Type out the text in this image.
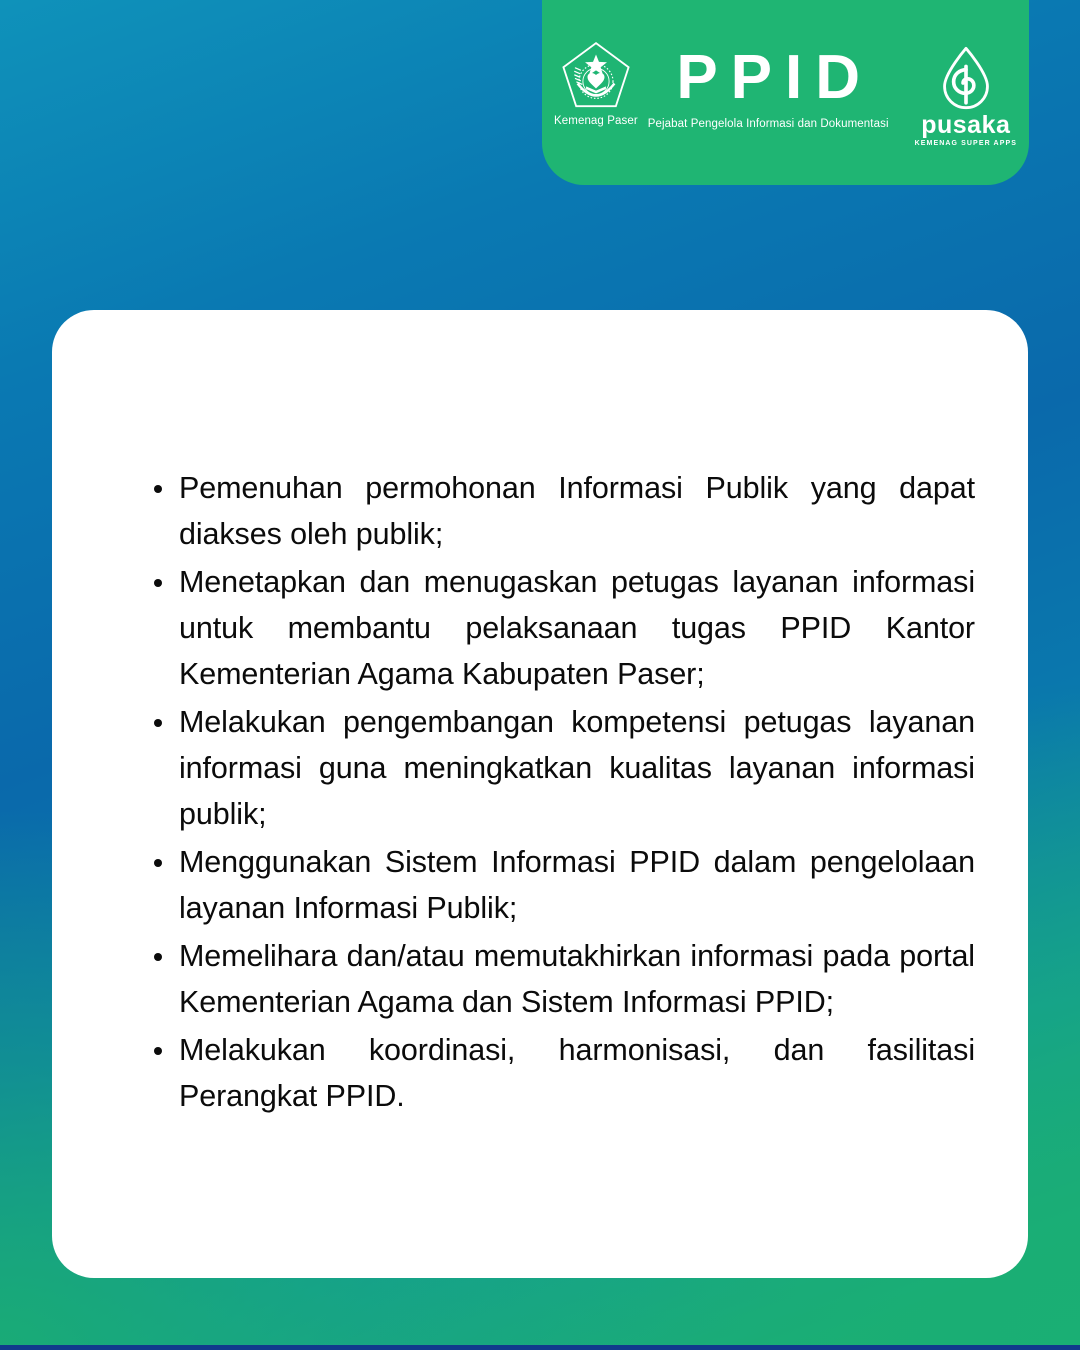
Kemenag Paser
PPID
Pejabat Pengelola Informasi dan Dokumentasi pusaka
KEMENAG SUPER APPS
Pemenuhan permohonan Informasi Publik yang dapat diakses oleh publik;
Menetapkan dan menugaskan petugas layanan informasi untuk membantu pelaksanaan tugas PPID Kantor Kementerian Agama Kabupaten Paser;
Melakukan pengembangan kompetensi petugas layanan informasi guna meningkatkan kualitas layanan informasi publik;
Menggunakan Sistem Informasi PPID dalam pengelolaan layanan Informasi Publik;
Memelihara dan/atau memutakhirkan informasi pada portal Kementerian Agama dan Sistem Informasi PPID;
Melakukan koordinasi, harmonisasi, dan fasilitasi Perangkat PPID.
